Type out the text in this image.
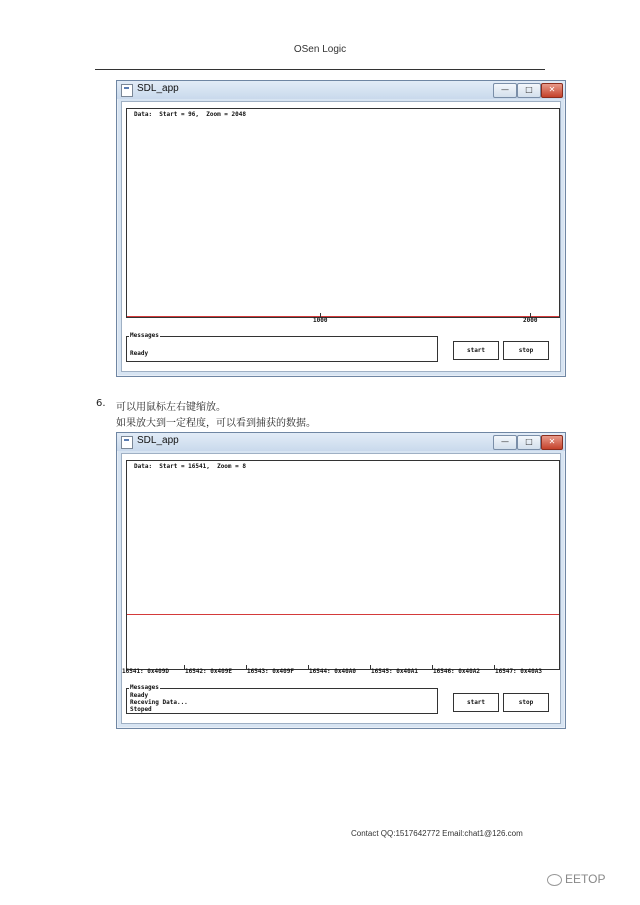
OSen Logic
SDL_app	—	□	✕
Data:  Start = 96,  Zoom = 2048
1000	2000
Messages
Ready	start	stop
6. 可以用鼠标左右键缩放。
如果放大到一定程度，可以看到捕获的数据。
SDL_app	—	□	✕
Data:  Start = 16541,  Zoom = 8
16541: 0x409D	16542: 0x409E	16543: 0x409F	16544: 0x40A0	16545: 0x40A1	16546: 0x40A2	16547: 0x40A3
Messages
Ready
Receving Data...
Stoped
start	stop
Contact QQ:1517642772 Email:chat1@126.com
EETOP
